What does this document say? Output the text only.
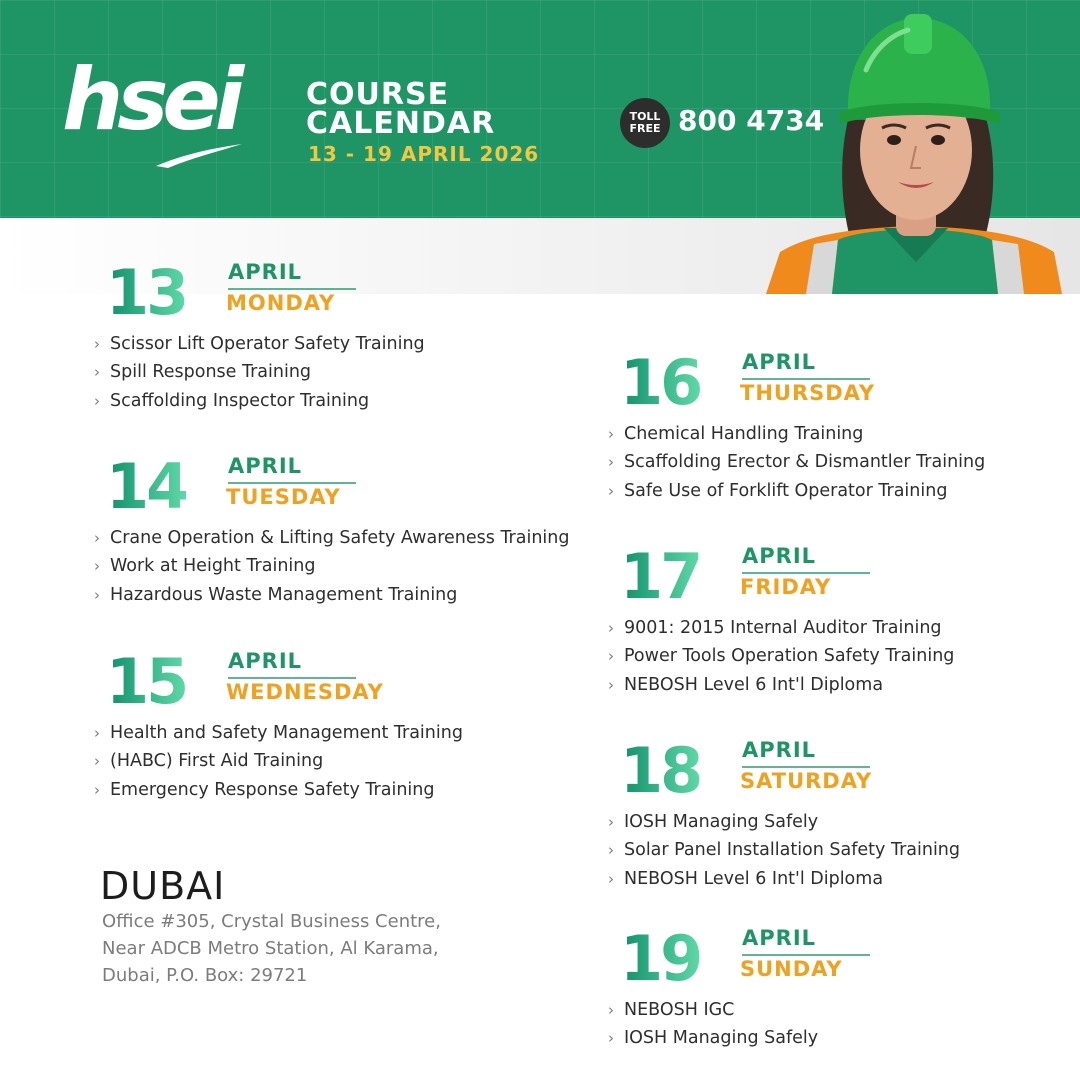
hsei COURSE
CALENDAR
13 - 19 APRIL 2026
TOLL
FREE 800 4734
13 APRIL
MONDAY
› Scissor Lift Operator Safety Training
› Spill Response Training
› Scaffolding Inspector Training
14 APRIL
TUESDAY
› Crane Operation & Lifting Safety Awareness Training
› Work at Height Training
› Hazardous Waste Management Training
15 APRIL
WEDNESDAY
› Health and Safety Management Training
› (HABC) First Aid Training
› Emergency Response Safety Training
16 APRIL
THURSDAY
› Chemical Handling Training
› Scaffolding Erector & Dismantler Training
› Safe Use of Forklift Operator Training
17 APRIL
FRIDAY
› 9001: 2015 Internal Auditor Training
› Power Tools Operation Safety Training
› NEBOSH Level 6 Int'l Diploma
18 APRIL
SATURDAY
› IOSH Managing Safely
› Solar Panel Installation Safety Training
› NEBOSH Level 6 Int'l Diploma
19 APRIL
SUNDAY
› NEBOSH IGC
› IOSH Managing Safely
DUBAI
Office #305, Crystal Business Centre,
Near ADCB Metro Station, Al Karama,
Dubai, P.O. Box: 29721
